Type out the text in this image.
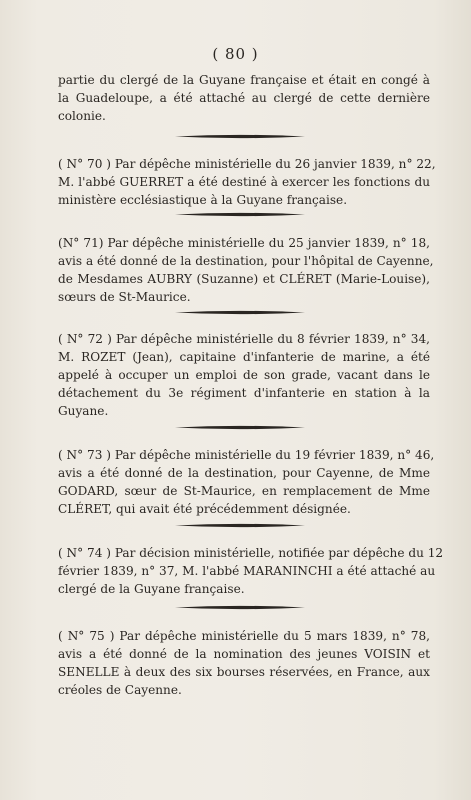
( 80 )
partie du clergé de la Guyane française et était en congé à
la Guadeloupe, a été attaché au clergé de cette dernière
colonie.
( N° 70 ) Par dépêche ministérielle du 26 janvier 1839, n° 22,
M. l'abbé GUERRET a été destiné à exercer les fonctions du
ministère ecclésiastique à la Guyane française.
(N° 71) Par dépêche ministérielle du 25 janvier 1839, n° 18,
avis a été donné de la destination, pour l'hôpital de Cayenne,
de Mesdames AUBRY (Suzanne) et CLÉRET (Marie-Louise),
sœurs de St-Maurice.
( N° 72 ) Par dépêche ministérielle du 8 février 1839, n° 34,
M. ROZET (Jean), capitaine d'infanterie de marine, a été
appelé à occuper un emploi de son grade, vacant dans le
détachement du 3e régiment d'infanterie en station à la
Guyane.
( N° 73 ) Par dépêche ministérielle du 19 février 1839, n° 46,
avis a été donné de la destination, pour Cayenne, de Mme
GODARD, sœur de St-Maurice, en remplacement de Mme
CLÉRET, qui avait été précédemment désignée.
( N° 74 ) Par décision ministérielle, notifiée par dépêche du 12
février 1839, n° 37, M. l'abbé MARANINCHI a été attaché au
clergé de la Guyane française.
( N° 75 ) Par dépêche ministérielle du 5 mars 1839, n° 78,
avis a été donné de la nomination des jeunes VOISIN et
SENELLE à deux des six bourses réservées, en France, aux
créoles de Cayenne.
